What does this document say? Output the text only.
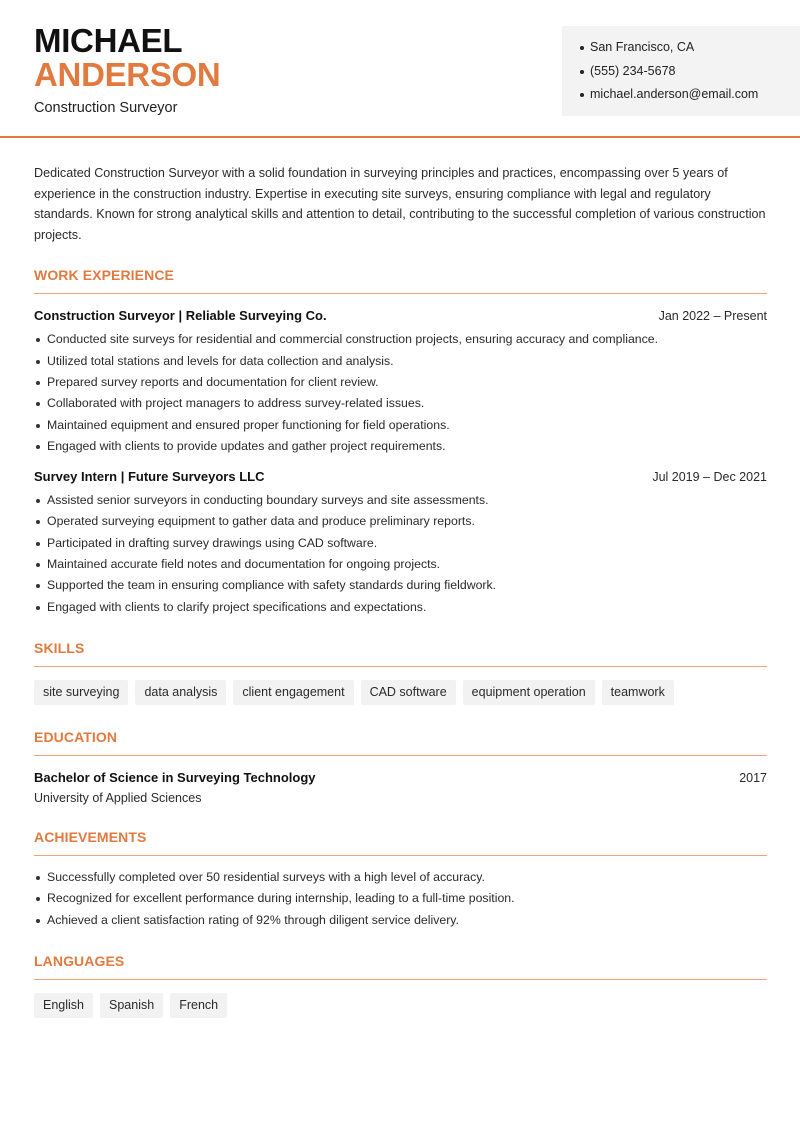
MICHAEL
ANDERSON
Construction Surveyor
San Francisco, CA
(555) 234-5678
michael.anderson@email.com

Dedicated Construction Surveyor with a solid foundation in surveying principles and practices, encompassing over 5 years of experience in the construction industry. Expertise in executing site surveys, ensuring compliance with legal and regulatory standards. Known for strong analytical skills and attention to detail, contributing to the successful completion of various construction projects.

WORK EXPERIENCE
Construction Surveyor | Reliable Surveying Co.	Jan 2022 – Present
Conducted site surveys for residential and commercial construction projects, ensuring accuracy and compliance.
Utilized total stations and levels for data collection and analysis.
Prepared survey reports and documentation for client review.
Collaborated with project managers to address survey-related issues.
Maintained equipment and ensured proper functioning for field operations.
Engaged with clients to provide updates and gather project requirements.
Survey Intern | Future Surveyors LLC	Jul 2019 – Dec 2021
Assisted senior surveyors in conducting boundary surveys and site assessments.
Operated surveying equipment to gather data and produce preliminary reports.
Participated in drafting survey drawings using CAD software.
Maintained accurate field notes and documentation for ongoing projects.
Supported the team in ensuring compliance with safety standards during fieldwork.
Engaged with clients to clarify project specifications and expectations.
SKILLS
site surveying	data analysis	client engagement	CAD software	equipment operation	teamwork
EDUCATION
Bachelor of Science in Surveying Technology	2017
University of Applied Sciences
ACHIEVEMENTS
Successfully completed over 50 residential surveys with a high level of accuracy.
Recognized for excellent performance during internship, leading to a full-time position.
Achieved a client satisfaction rating of 92% through diligent service delivery.
LANGUAGES
English	Spanish	French
